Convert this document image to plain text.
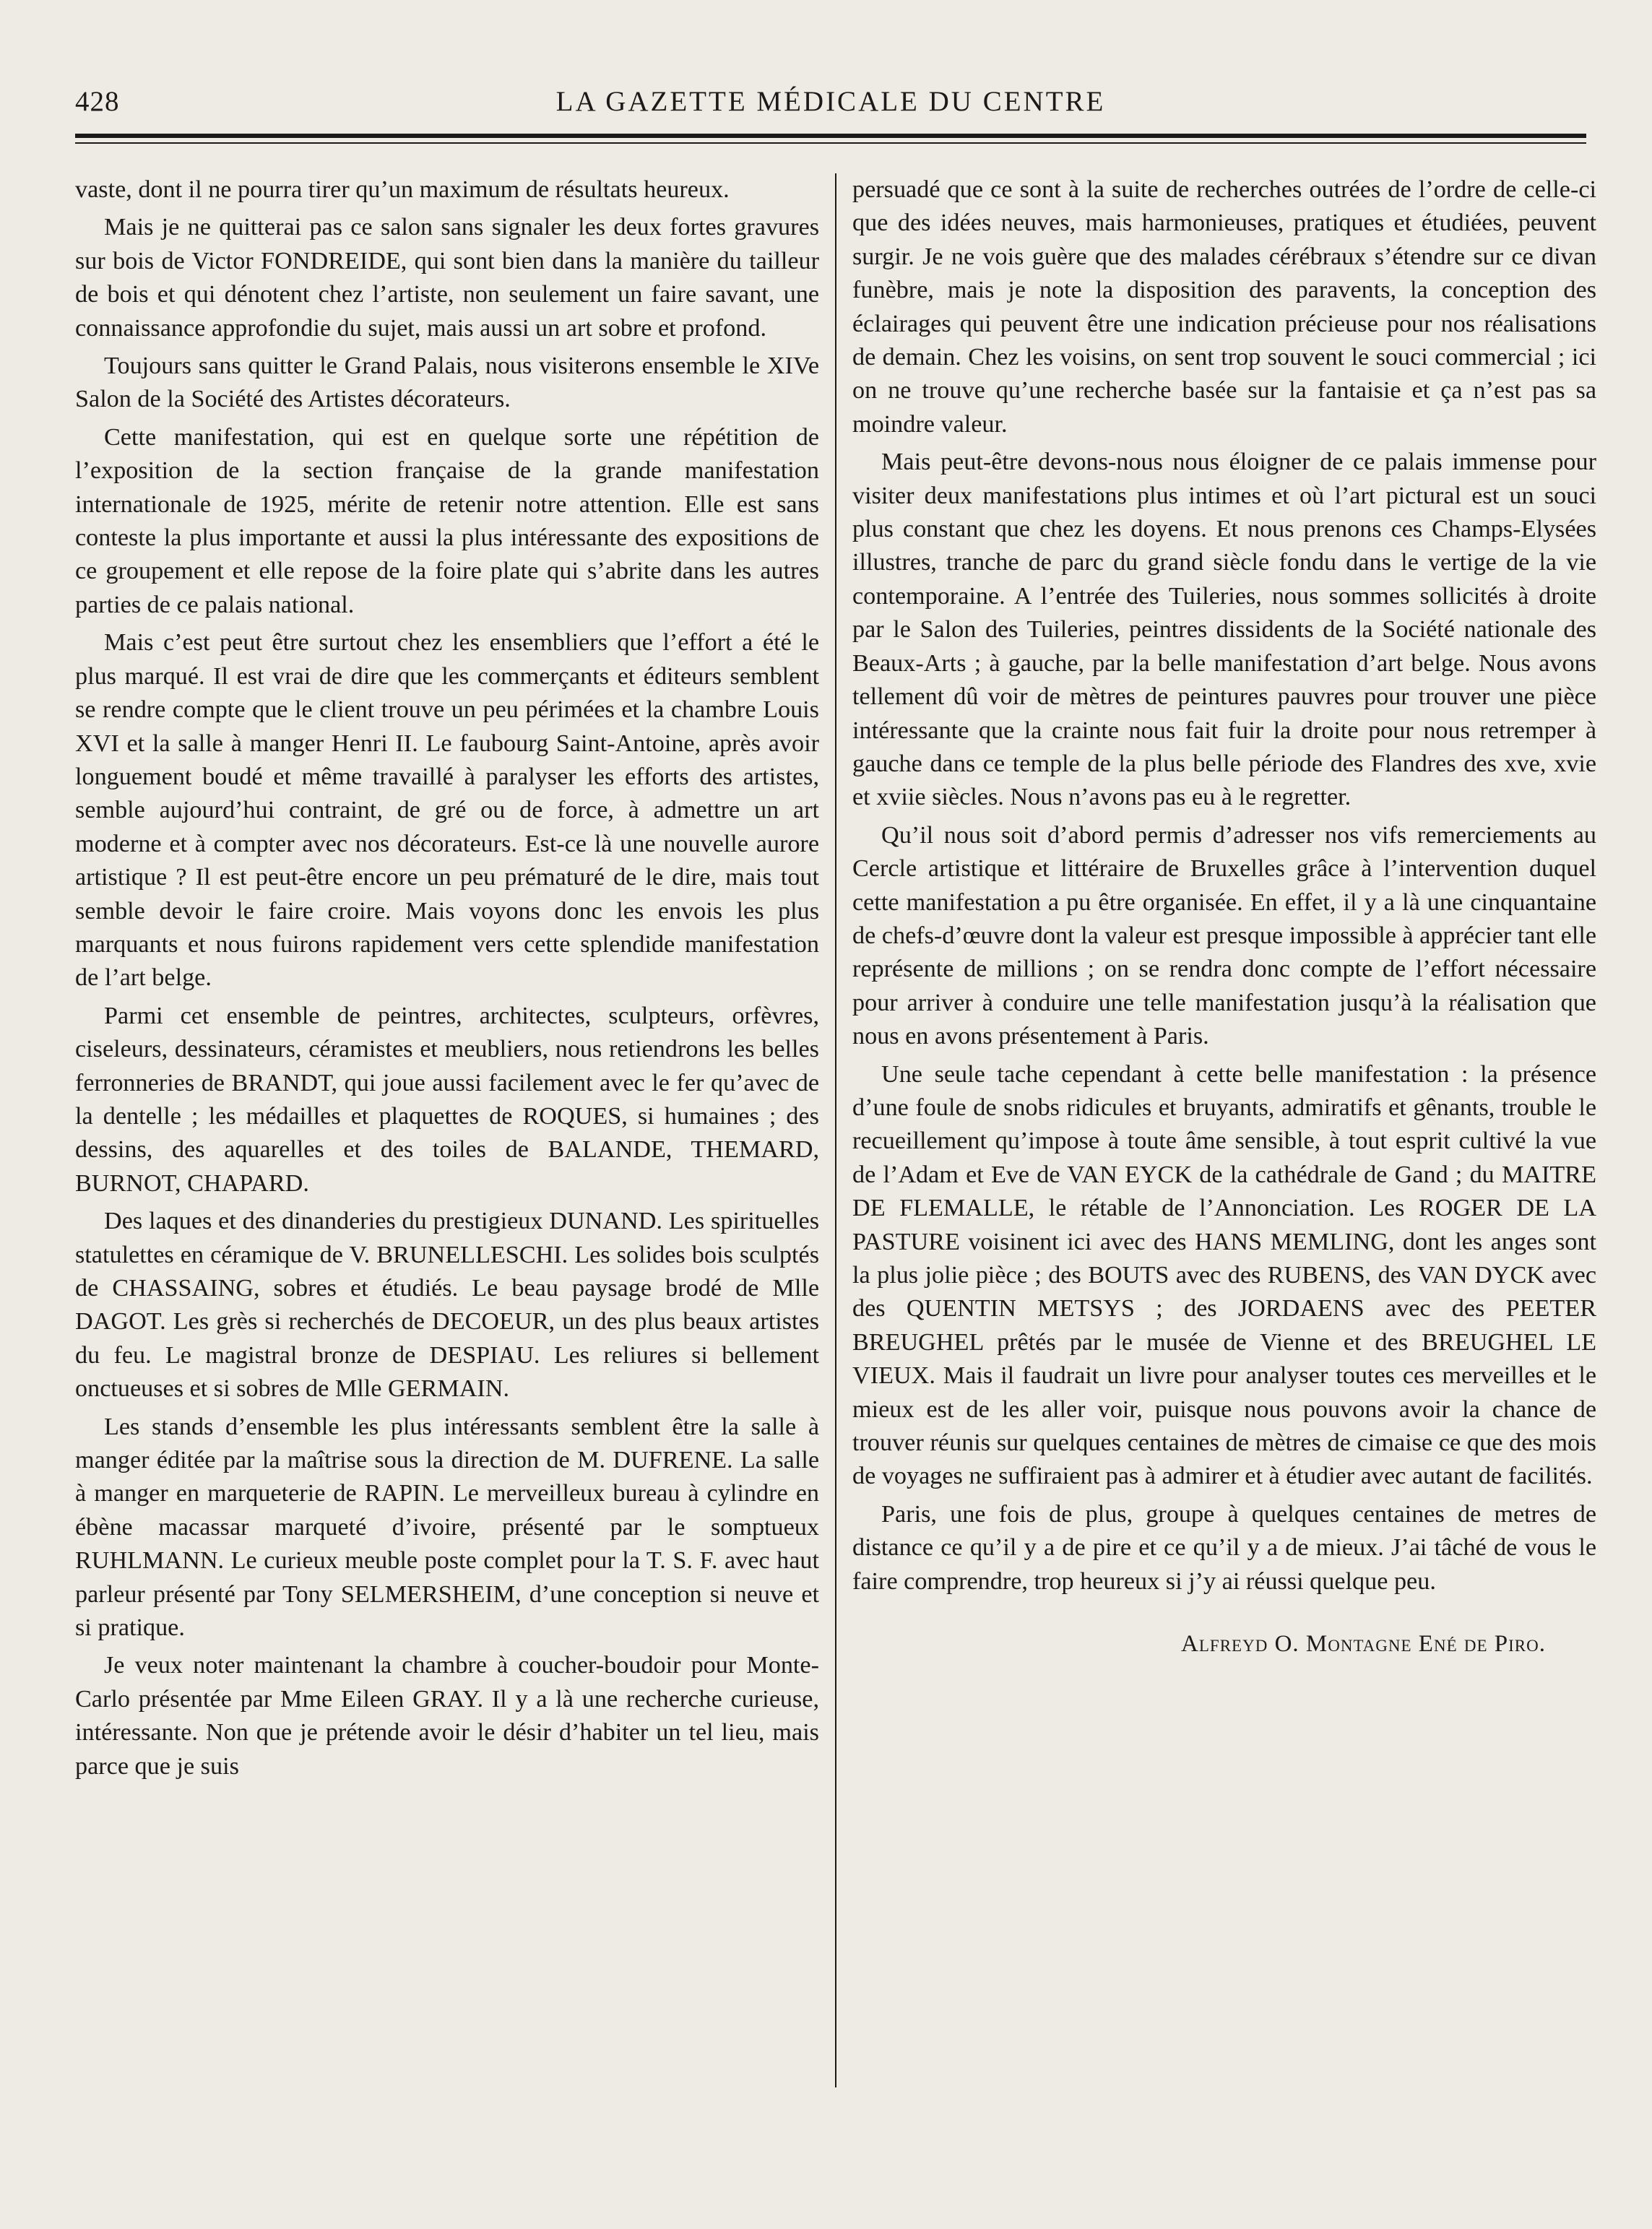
428	LA GAZETTE MÉDICALE DU CENTRE

vaste, dont il ne pourra tirer qu’un maximum de résultats heureux.

Mais je ne quitterai pas ce salon sans signaler les deux fortes gravures sur bois de Victor FONDREIDE, qui sont bien dans la manière du tailleur de bois et qui dénotent chez l’artiste, non seulement un faire savant, une connaissance approfondie du sujet, mais aussi un art sobre et profond.

Toujours sans quitter le Grand Palais, nous visiterons ensemble le XIVe Salon de la Société des Artistes décorateurs.

Cette manifestation, qui est en quelque sorte une répétition de l’exposition de la section française de la grande manifestation internationale de 1925, mérite de retenir notre attention. Elle est sans conteste la plus importante et aussi la plus intéressante des expositions de ce groupement et elle repose de la foire plate qui s’abrite dans les autres parties de ce palais national.

Mais c’est peut être surtout chez les ensembliers que l’effort a été le plus marqué. Il est vrai de dire que les commerçants et éditeurs semblent se rendre compte que le client trouve un peu périmées et la chambre Louis XVI et la salle à manger Henri II. Le faubourg Saint-Antoine, après avoir longuement boudé et même travaillé à paralyser les efforts des artistes, semble aujourd’hui contraint, de gré ou de force, à admettre un art moderne et à compter avec nos décorateurs. Est-ce là une nouvelle aurore artistique ? Il est peut-être encore un peu prématuré de le dire, mais tout semble devoir le faire croire. Mais voyons donc les envois les plus marquants et nous fuirons rapidement vers cette splendide manifestation de l’art belge.

Parmi cet ensemble de peintres, architectes, sculpteurs, orfèvres, ciseleurs, dessinateurs, céramistes et meubliers, nous retiendrons les belles ferronneries de BRANDT, qui joue aussi facilement avec le fer qu’avec de la dentelle ; les médailles et plaquettes de ROQUES, si humaines ; des dessins, des aquarelles et des toiles de BALANDE, THEMARD, BURNOT, CHAPARD.

Des laques et des dinanderies du prestigieux DUNAND. Les spirituelles statulettes en céramique de V. BRUNELLESCHI. Les solides bois sculptés de CHASSAING, sobres et étudiés. Le beau paysage brodé de Mlle DAGOT. Les grès si recherchés de DECOEUR, un des plus beaux artistes du feu. Le magistral bronze de DESPIAU. Les reliures si bellement onctueuses et si sobres de Mlle GERMAIN.

Les stands d’ensemble les plus intéressants semblent être la salle à manger éditée par la maîtrise sous la direction de M. DUFRENE. La salle à manger en marqueterie de RAPIN. Le merveilleux bureau à cylindre en ébène macassar marqueté d’ivoire, présenté par le somptueux RUHLMANN. Le curieux meuble poste complet pour la T. S. F. avec haut parleur présenté par Tony SELMERSHEIM, d’une conception si neuve et si pratique.

Je veux noter maintenant la chambre à coucher-boudoir pour Monte-Carlo présentée par Mme Eileen GRAY. Il y a là une recherche curieuse, intéressante. Non que je prétende avoir le désir d’habiter un tel lieu, mais parce que je suis

persuadé que ce sont à la suite de recherches outrées de l’ordre de celle-ci que des idées neuves, mais harmonieuses, pratiques et étudiées, peuvent surgir. Je ne vois guère que des malades cérébraux s’étendre sur ce divan funèbre, mais je note la disposition des paravents, la conception des éclairages qui peuvent être une indication précieuse pour nos réalisations de demain. Chez les voisins, on sent trop souvent le souci commercial ; ici on ne trouve qu’une recherche basée sur la fantaisie et ça n’est pas sa moindre valeur.

Mais peut-être devons-nous nous éloigner de ce palais immense pour visiter deux manifestations plus intimes et où l’art pictural est un souci plus constant que chez les doyens. Et nous prenons ces Champs-Elysées illustres, tranche de parc du grand siècle fondu dans le vertige de la vie contemporaine. A l’entrée des Tuileries, nous sommes sollicités à droite par le Salon des Tuileries, peintres dissidents de la Société nationale des Beaux-Arts ; à gauche, par la belle manifestation d’art belge. Nous avons tellement dû voir de mètres de peintures pauvres pour trouver une pièce intéressante que la crainte nous fait fuir la droite pour nous retremper à gauche dans ce temple de la plus belle période des Flandres des xve, xvie et xviie siècles. Nous n’avons pas eu à le regretter.

Qu’il nous soit d’abord permis d’adresser nos vifs remerciements au Cercle artistique et littéraire de Bruxelles grâce à l’intervention duquel cette manifestation a pu être organisée. En effet, il y a là une cinquantaine de chefs-d’œuvre dont la valeur est presque impossible à apprécier tant elle représente de millions ; on se rendra donc compte de l’effort nécessaire pour arriver à conduire une telle manifestation jusqu’à la réalisation que nous en avons présentement à Paris.

Une seule tache cependant à cette belle manifestation : la présence d’une foule de snobs ridicules et bruyants, admiratifs et gênants, trouble le recueillement qu’impose à toute âme sensible, à tout esprit cultivé la vue de l’Adam et Eve de VAN EYCK de la cathédrale de Gand ; du MAITRE DE FLEMALLE, le rétable de l’Annonciation. Les ROGER DE LA PASTURE voisinent ici avec des HANS MEMLING, dont les anges sont la plus jolie pièce ; des BOUTS avec des RUBENS, des VAN DYCK avec des QUENTIN METSYS ; des JORDAENS avec des PEETER BREUGHEL prêtés par le musée de Vienne et des BREUGHEL LE VIEUX. Mais il faudrait un livre pour analyser toutes ces merveilles et le mieux est de les aller voir, puisque nous pouvons avoir la chance de trouver réunis sur quelques centaines de mètres de cimaise ce que des mois de voyages ne suffiraient pas à admirer et à étudier avec autant de facilités.

Paris, une fois de plus, groupe à quelques centaines de metres de distance ce qu’il y a de pire et ce qu’il y a de mieux. J’ai tâché de vous le faire comprendre, trop heureux si j’y ai réussi quelque peu.

Alfreyd O. Montagne Ené de Piro.
